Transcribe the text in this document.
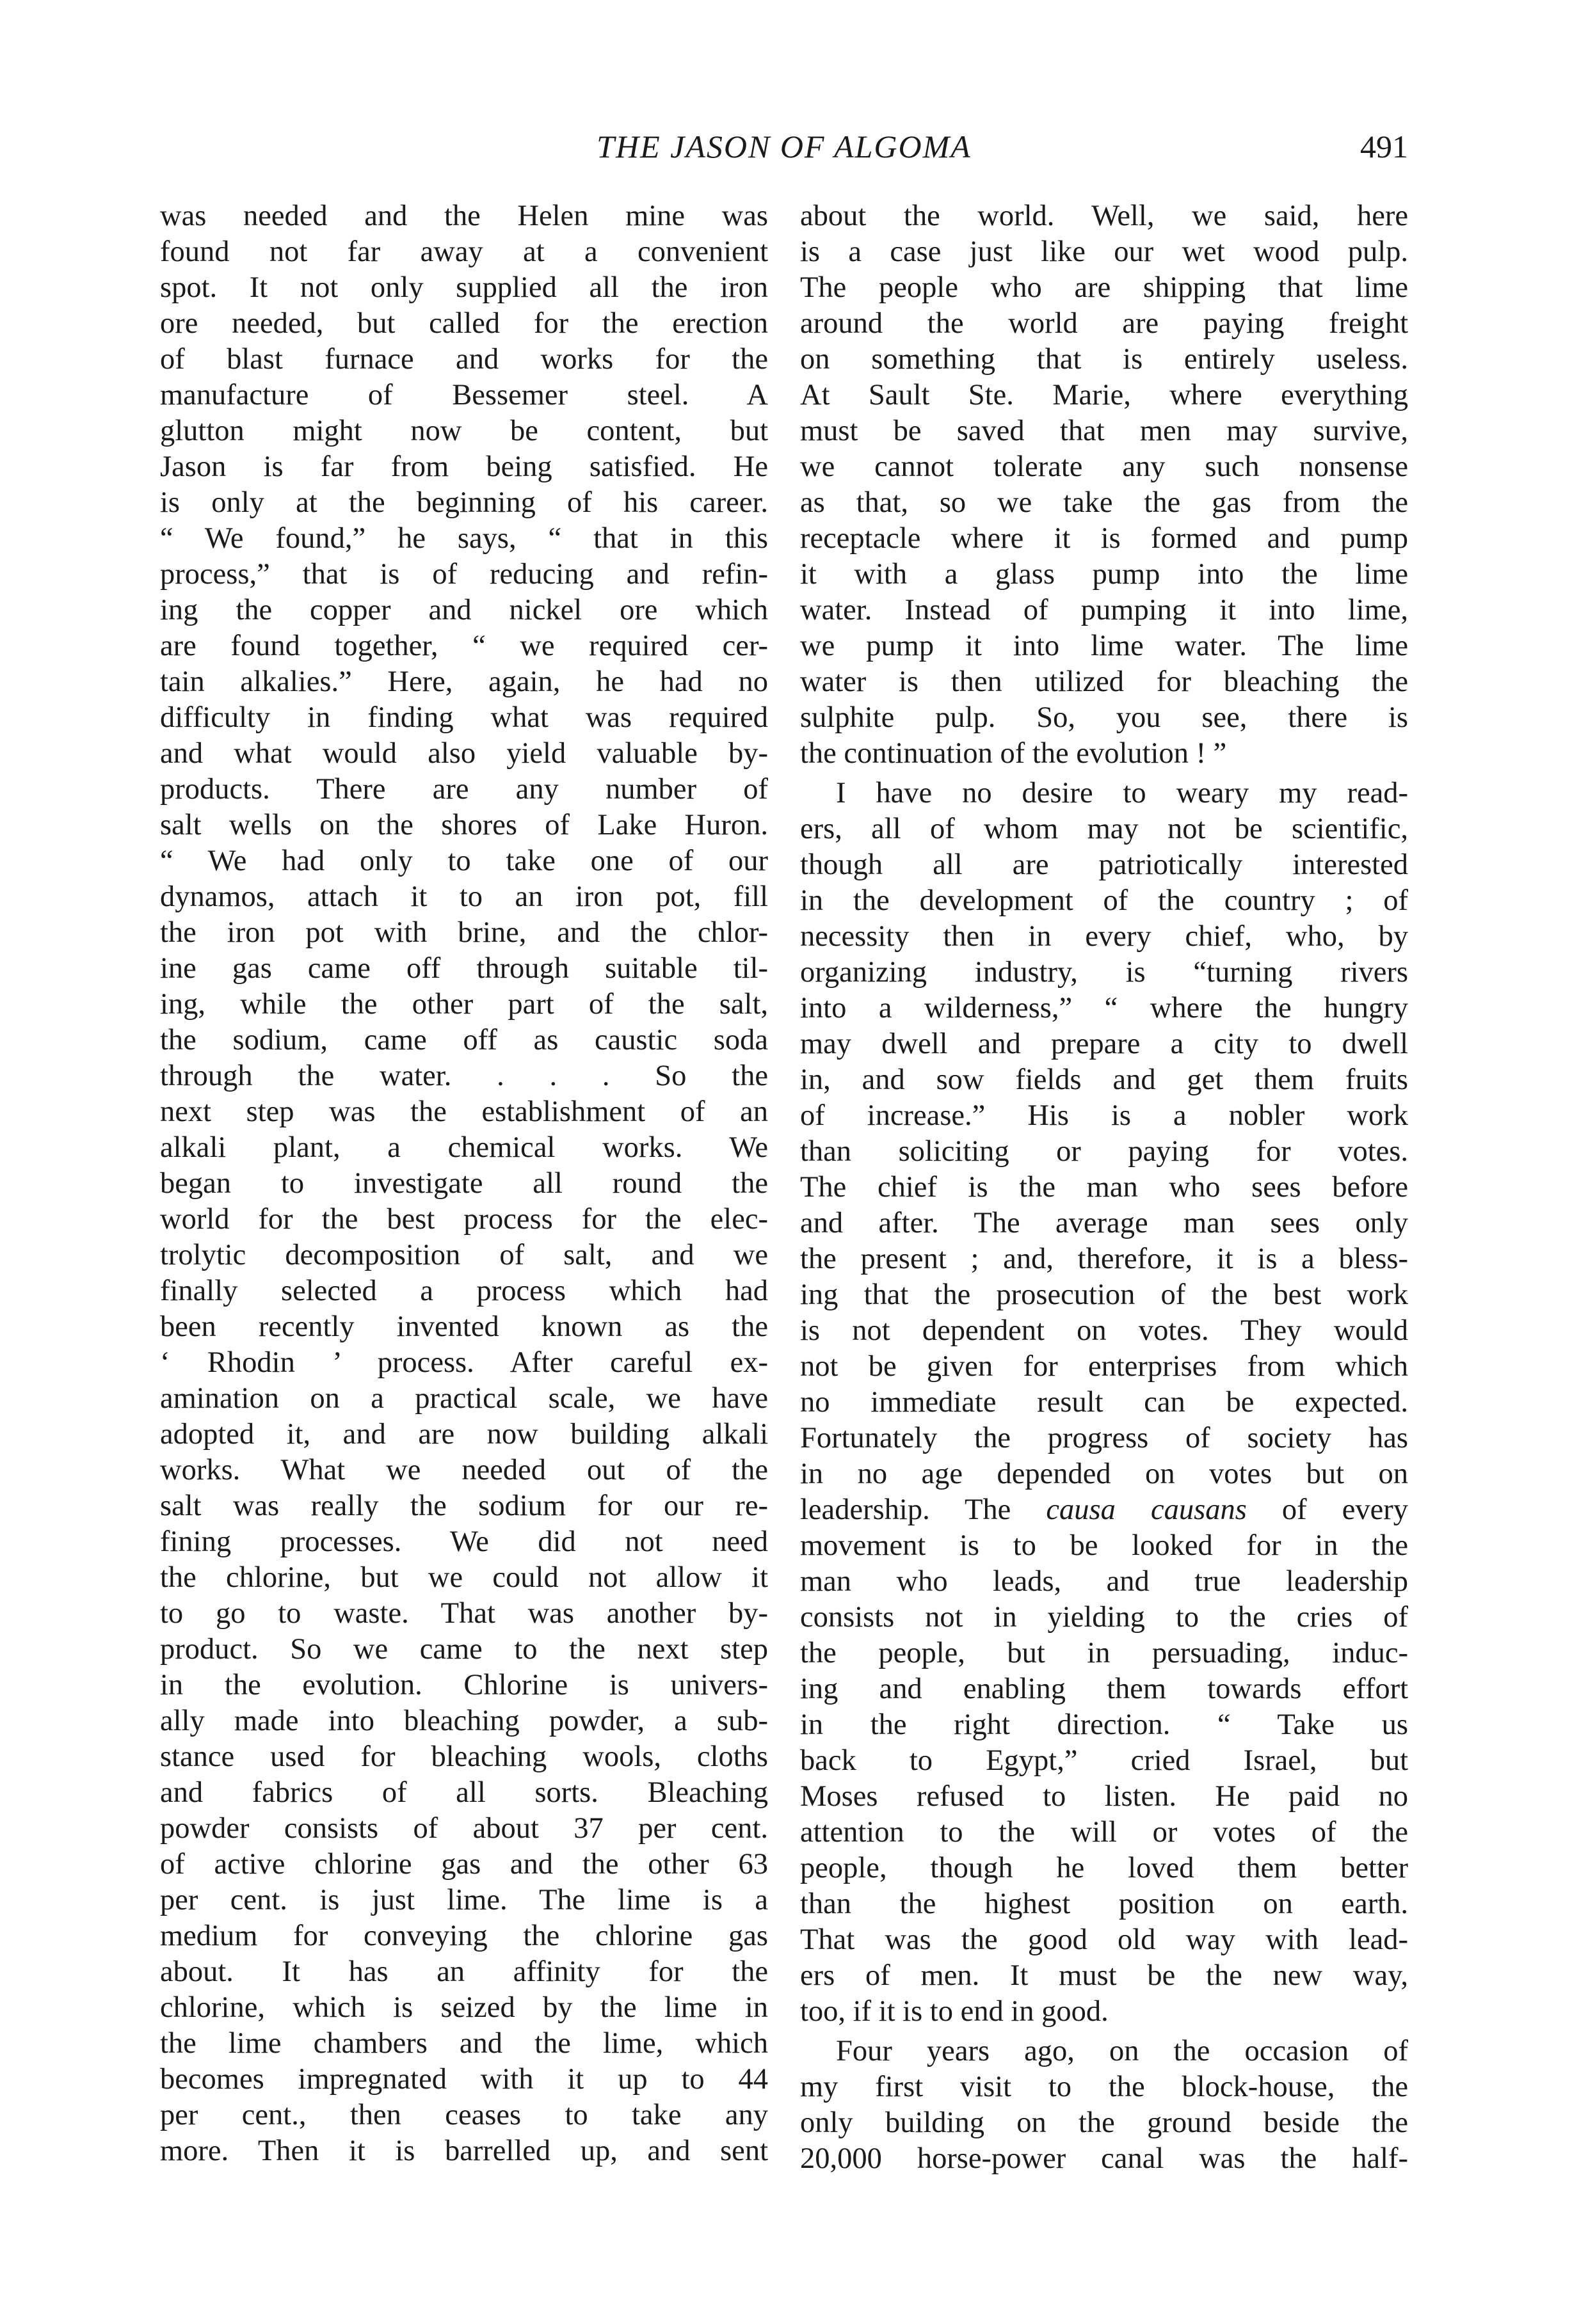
THE JASON OF ALGOMA	491
was needed and the Helen mine was
found not far away at a convenient
spot. It not only supplied all the iron
ore needed, but called for the erection
of blast furnace and works for the
manufacture of Bessemer steel. A
glutton might now be content, but
Jason is far from being satisfied. He
is only at the beginning of his career.
“ We found,” he says, “ that in this
process,” that is of reducing and refin-
ing the copper and nickel ore which
are found together, “ we required cer-
tain alkalies.” Here, again, he had no
difficulty in finding what was required
and what would also yield valuable by-
products. There are any number of
salt wells on the shores of Lake Huron.
“ We had only to take one of our
dynamos, attach it to an iron pot, fill
the iron pot with brine, and the chlor-
ine gas came off through suitable til-
ing, while the other part of the salt,
the sodium, came off as caustic soda
through the water. . . . So the
next step was the establishment of an
alkali plant, a chemical works. We
began to investigate all round the
world for the best process for the elec-
trolytic decomposition of salt, and we
finally selected a process which had
been recently invented known as the
‘ Rhodin ’ process. After careful ex-
amination on a practical scale, we have
adopted it, and are now building alkali
works. What we needed out of the
salt was really the sodium for our re-
fining processes. We did not need
the chlorine, but we could not allow it
to go to waste. That was another by-
product. So we came to the next step
in the evolution. Chlorine is univers-
ally made into bleaching powder, a sub-
stance used for bleaching wools, cloths
and fabrics of all sorts. Bleaching
powder consists of about 37 per cent.
of active chlorine gas and the other 63
per cent. is just lime. The lime is a
medium for conveying the chlorine gas
about. It has an affinity for the
chlorine, which is seized by the lime in
the lime chambers and the lime, which
becomes impregnated with it up to 44
per cent., then ceases to take any
more. Then it is barrelled up, and sent
about the world. Well, we said, here
is a case just like our wet wood pulp.
The people who are shipping that lime
around the world are paying freight
on something that is entirely useless.
At Sault Ste. Marie, where everything
must be saved that men may survive,
we cannot tolerate any such nonsense
as that, so we take the gas from the
receptacle where it is formed and pump
it with a glass pump into the lime
water. Instead of pumping it into lime,
we pump it into lime water. The lime
water is then utilized for bleaching the
sulphite pulp. So, you see, there is
the continuation of the evolution ! ”
I have no desire to weary my read-
ers, all of whom may not be scientific,
though all are patriotically interested
in the development of the country ; of
necessity then in every chief, who, by
organizing industry, is “turning rivers
into a wilderness,” “ where the hungry
may dwell and prepare a city to dwell
in, and sow fields and get them fruits
of increase.” His is a nobler work
than soliciting or paying for votes.
The chief is the man who sees before
and after. The average man sees only
the present ; and, therefore, it is a bless-
ing that the prosecution of the best work
is not dependent on votes. They would
not be given for enterprises from which
no immediate result can be expected.
Fortunately the progress of society has
in no age depended on votes but on
leadership. The causa causans of every
movement is to be looked for in the
man who leads, and true leadership
consists not in yielding to the cries of
the people, but in persuading, induc-
ing and enabling them towards effort
in the right direction. “ Take us
back to Egypt,” cried Israel, but
Moses refused to listen. He paid no
attention to the will or votes of the
people, though he loved them better
than the highest position on earth.
That was the good old way with lead-
ers of men. It must be the new way,
too, if it is to end in good.
Four years ago, on the occasion of
my first visit to the block-house, the
only building on the ground beside the
20,000 horse-power canal was the half-
